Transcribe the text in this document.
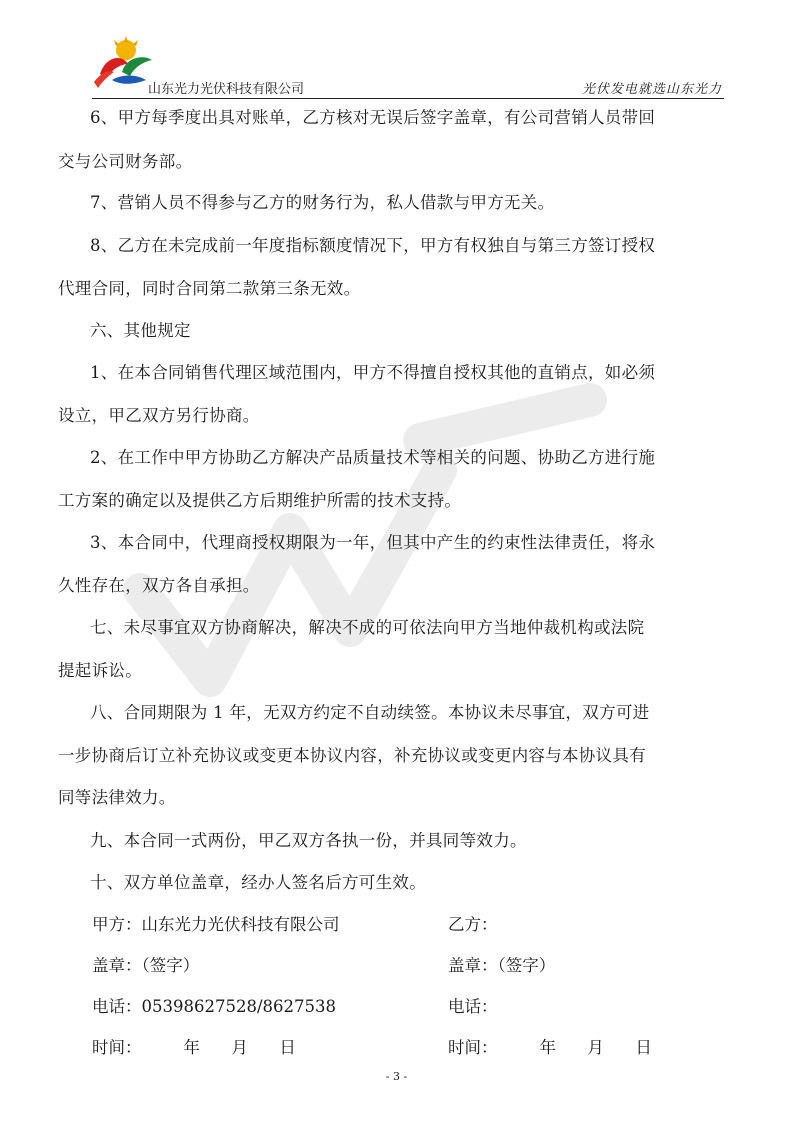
山东光力光伏科技有限公司	光伏发电就选山东光力

6、甲方每季度出具对账单，乙方核对无误后签字盖章，有公司营销人员带回

交与公司财务部。

7、营销人员不得参与乙方的财务行为，私人借款与甲方无关。

8、乙方在未完成前一年度指标额度情况下，甲方有权独自与第三方签订授权

代理合同，同时合同第二款第三条无效。

六、其他规定

1、在本合同销售代理区域范围内，甲方不得擅自授权其他的直销点，如必须

设立，甲乙双方另行协商。

2、在工作中甲方协助乙方解决产品质量技术等相关的问题、协助乙方进行施

工方案的确定以及提供乙方后期维护所需的技术支持。

3、本合同中，代理商授权期限为一年，但其中产生的约束性法律责任，将永

久性存在，双方各自承担。

七、未尽事宜双方协商解决，解决不成的可依法向甲方当地仲裁机构或法院

提起诉讼。

八、合同期限为 1 年，无双方约定不自动续签。本协议未尽事宜，双方可进

一步协商后订立补充协议或变更本协议内容，补充协议或变更内容与本协议具有

同等法律效力。

九、本合同一式两份，甲乙双方各执一份，并具同等效力。

十、双方单位盖章，经办人签名后方可生效。

甲方：山东光力光伏科技有限公司	乙方：

盖章：（签字）	盖章：（签字）

电话：05398627528/8627538	电话：

时间：        年      月      日	时间：        年      月      日

- 3 -
